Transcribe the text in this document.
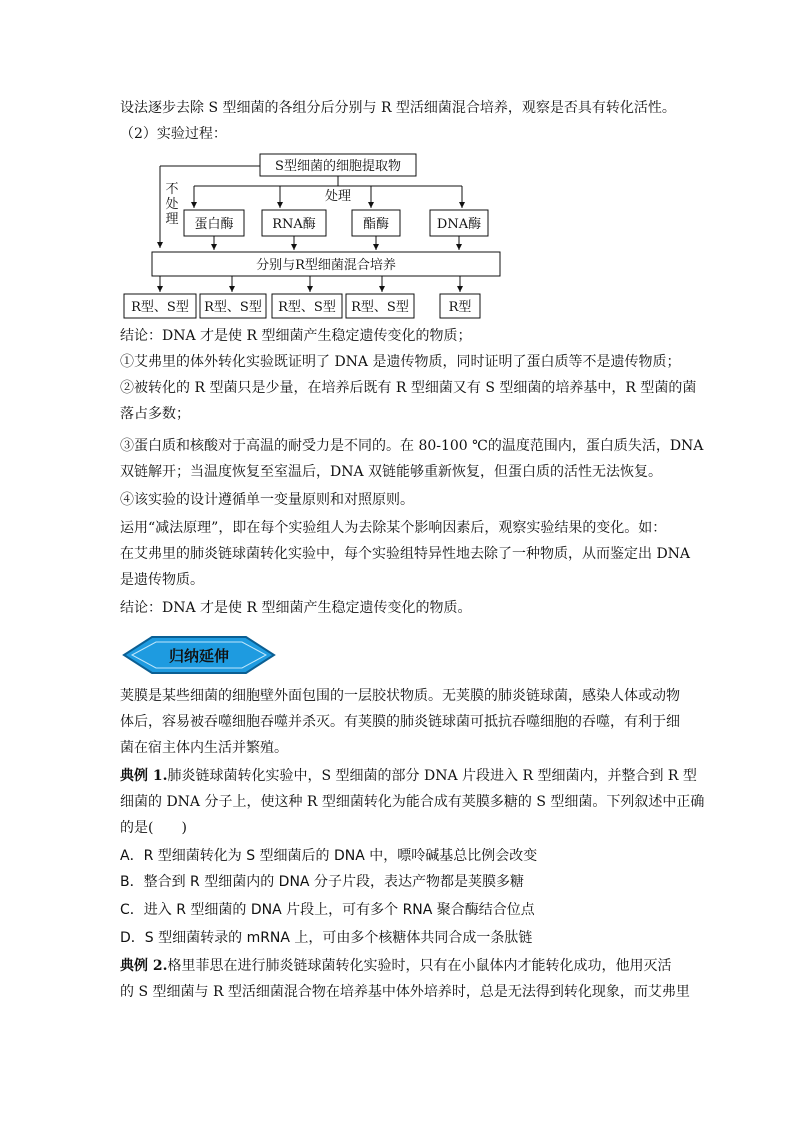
设法逐步去除 S 型细菌的各组分后分别与 R 型活细菌混合培养，观察是否具有转化活性。
（2）实验过程：
S型细菌的细胞提取物
处理
不
处
理 蛋白酶	RNA酶	酯酶	DNA酶
分别与R型细菌混合培养
R型、S型 R型、S型 R型、S型 R型、S型	R型
结论：DNA 才是使 R 型细菌产生稳定遗传变化的物质；
①艾弗里的体外转化实验既证明了 DNA 是遗传物质，同时证明了蛋白质等不是遗传物质；
②被转化的 R 型菌只是少量，在培养后既有 R 型细菌又有 S 型细菌的培养基中，R 型菌的菌
落占多数；
③蛋白质和核酸对于高温的耐受力是不同的。在 80-100 ℃的温度范围内，蛋白质失活，DNA
双链解开；当温度恢复至室温后，DNA 双链能够重新恢复，但蛋白质的活性无法恢复。
④该实验的设计遵循单一变量原则和对照原则。
运用“减法原理”，即在每个实验组人为去除某个影响因素后，观察实验结果的变化。如：
在艾弗里的肺炎链球菌转化实验中，每个实验组特异性地去除了一种物质，从而鉴定出 DNA
是遗传物质。
结论：DNA 才是使 R 型细菌产生稳定遗传变化的物质。
归纳延伸
荚膜是某些细菌的细胞壁外面包围的一层胶状物质。无荚膜的肺炎链球菌，感染人体或动物
体后，容易被吞噬细胞吞噬并杀灭。有荚膜的肺炎链球菌可抵抗吞噬细胞的吞噬，有利于细
菌在宿主体内生活并繁殖。
典例 1.肺炎链球菌转化实验中，S 型细菌的部分 DNA 片段进入 R 型细菌内，并整合到 R 型
细菌的 DNA 分子上，使这种 R 型细菌转化为能合成有荚膜多糖的 S 型细菌。下列叙述中正确
的是(　　)
A．R 型细菌转化为 S 型细菌后的 DNA 中，嘌呤碱基总比例会改变
B．整合到 R 型细菌内的 DNA 分子片段，表达产物都是荚膜多糖
C．进入 R 型细菌的 DNA 片段上，可有多个 RNA 聚合酶结合位点
D．S 型细菌转录的 mRNA 上，可由多个核糖体共同合成一条肽链
典例 2.格里菲思在进行肺炎链球菌转化实验时，只有在小鼠体内才能转化成功，他用灭活
的 S 型细菌与 R 型活细菌混合物在培养基中体外培养时，总是无法得到转化现象，而艾弗里
